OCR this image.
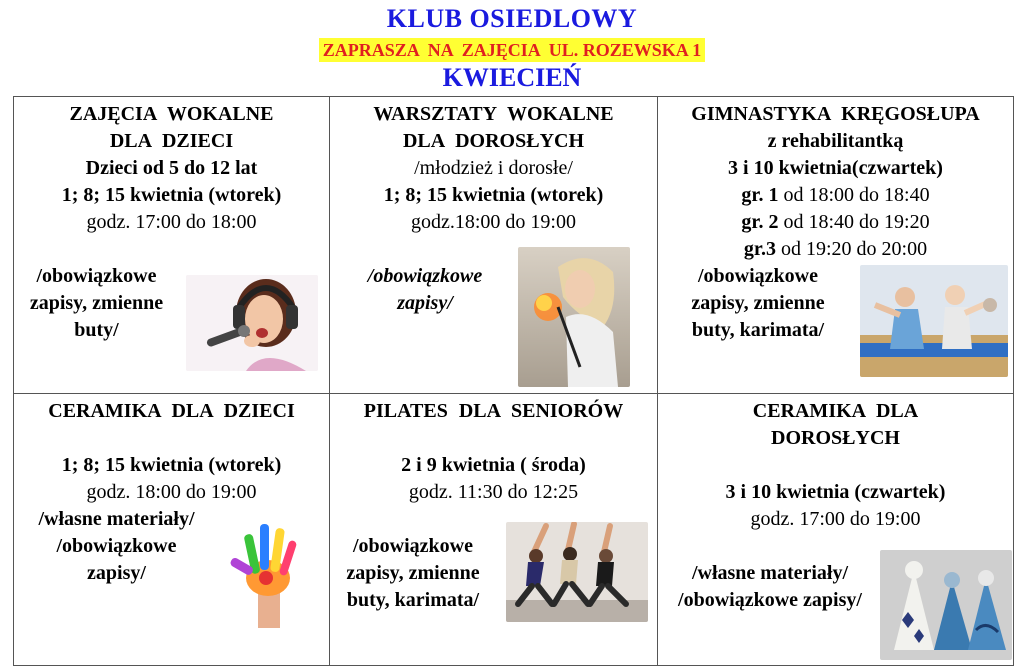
KLUB OSIEDLOWY
ZAPRASZA  NA  ZAJĘCIA  UL. ROZEWSKA 1
KWIECIEŃ
ZAJĘCIA WOKALNE
DLA DZIECI
Dzieci od 5 do 12 lat
1; 8; 15 kwietnia (wtorek)
godz. 17:00 do 18:00
/obowiązkowe
zapisy, zmienne
buty/
WARSZTATY WOKALNE
DLA DOROSŁYCH
/młodzież i dorosłe/
1; 8; 15 kwietnia (wtorek)
godz.18:00 do 19:00
/obowiązkowe
zapisy/
GIMNASTYKA KRĘGOSŁUPA
z rehabilitantką
3 i 10 kwietnia(czwartek)
gr. 1 od 18:00 do 18:40
gr. 2 od 18:40 do 19:20
gr.3 od 19:20 do 20:00
/obowiązkowe
zapisy, zmienne
buty, karimata/
CERAMIKA DLA DZIECI
1; 8; 15 kwietnia (wtorek)
godz. 18:00 do 19:00
/własne materiały/
/obowiązkowe
zapisy/
PILATES DLA SENIORÓW
2 i 9 kwietnia ( środa)
godz. 11:30 do 12:25
/obowiązkowe
zapisy, zmienne
buty, karimata/
CERAMIKA DLA
DOROSŁYCH
3 i 10 kwietnia (czwartek)
godz. 17:00 do 19:00
/własne materiały/
/obowiązkowe zapisy/
